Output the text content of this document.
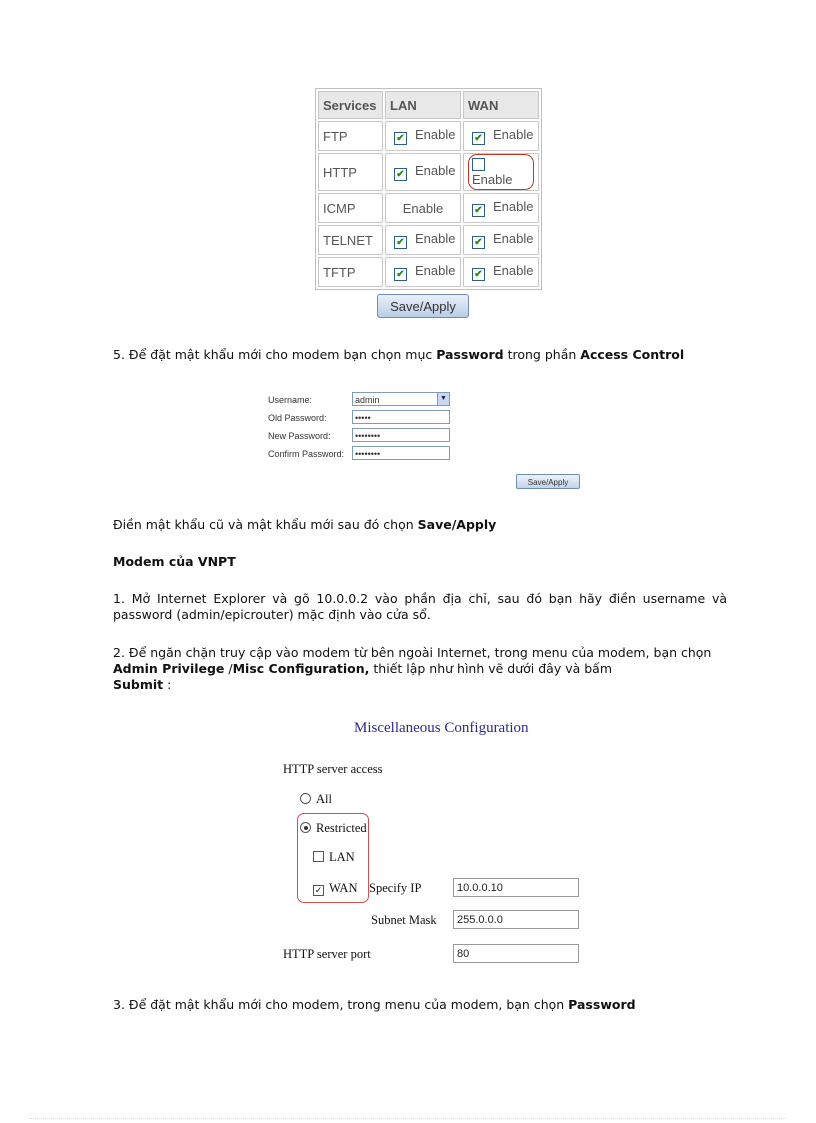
Services	LAN	WAN
FTP	✔ Enable	✔ Enable
HTTP	✔ Enable	Enable
ICMP	Enable	✔ Enable
TELNET	✔ Enable	✔ Enable
TFTP	✔ Enable	✔ Enable
Save/Apply
5. Để đặt mật khẩu mới cho modem bạn chọn mục Password trong phần Access Control
Username:	admin	▼
Old Password:	•••••
New Password:	••••••••
Confirm Password:	••••••••
Save/Apply
Điền mật khẩu cũ và mật khẩu mới sau đó chọn Save/Apply
Modem của VNPT
1. Mở Internet Explorer và gõ 10.0.0.2 vào phần địa chỉ, sau đó bạn hãy điền username và password (admin/epicrouter) mặc định vào cửa sổ.
2. Để ngăn chặn truy cập vào modem từ bên ngoài Internet, trong menu của modem, bạn chọn Admin Privilege /Misc Configuration, thiết lập như hình vẽ dưới đây và bấm
Submit :
Miscellaneous Configuration
HTTP server access
All
Restricted
LAN
✓ WAN Specify IP	10.0.0.10
Subnet Mask	255.0.0.0
HTTP server port	80
3. Để đặt mật khẩu mới cho modem, trong menu của modem, bạn chọn Password
